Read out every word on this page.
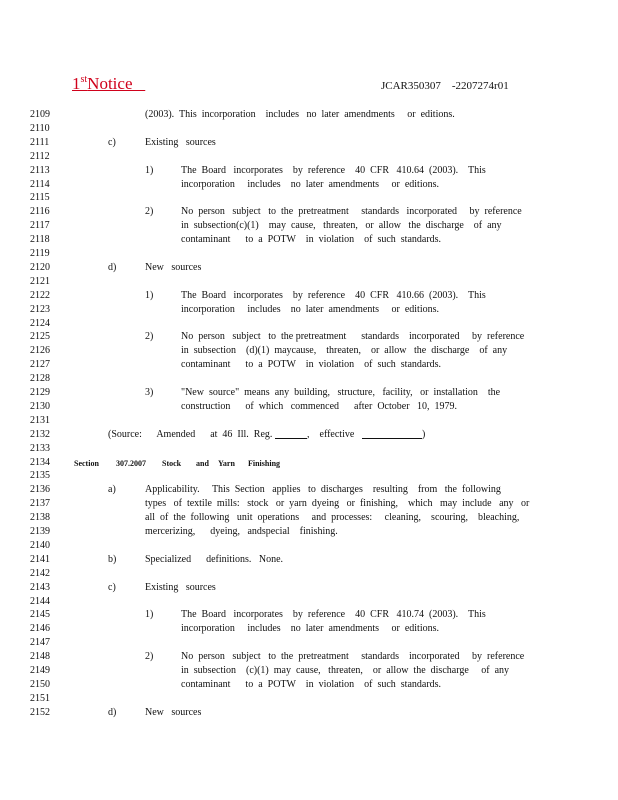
1stNotice	JCAR350307    -2207274r01
2109	(2003).  This  incorporation    includes   no  later  amendments     or  editions.
2110
2111	c)	Existing   sources
2112
2113	1)	The  Board   incorporates    by  reference    40  CFR   410.64  (2003).    This
2114	incorporation     includes    no  later  amendments     or  editions.
2115
2116	2)	No  person   subject   to  the  pretreatment     standards   incorporated     by  reference
2117	in  subsection(c)(1)    may  cause,   threaten,   or  allow   the  discharge    of  any
2118	contaminant      to  a  POTW    in  violation    of  such  standards.
2119
2120	d)	New   sources
2121
2122	1)	The  Board   incorporates    by  reference    40  CFR   410.66  (2003).    This
2123	incorporation     includes    no  later  amendments     or  editions.
2124
2125	2)	No  person   subject   to  the pretreatment      standards    incorporated     by  reference
2126	in  subsection    (d)(1)  maycause,    threaten,    or  allow   the  discharge    of  any
2127	contaminant      to  a  POTW    in  violation    of  such  standards.
2128
2129	3)	"New  source"  means  any  building,   structure,   facility,   or  installation    the
2130	construction      of  which   commenced      after  October   10,  1979.
2131
2132	(Source:      Amended      at  46  Ill.  Reg.	,    effective	)
2133
2134	Section 307.2007 Stock and Yarn Finishing
2135
2136	a)	Applicability.     This  Section   applies   to  discharges    resulting    from   the  following
2137	types   of  textile  mills:   stock   or  yarn  dyeing   or  finishing,    which   may  include   any   or
2138	all  of  the  following   unit  operations     and  processes:     cleaning,    scouring,    bleaching,
2139	mercerizing,      dyeing,   andspecial    finishing.
2140
2141	b)	Specialized      definitions.   None.
2142
2143	c)	Existing   sources
2144
2145	1)	The  Board   incorporates    by  reference    40  CFR   410.74  (2003).    This
2146	incorporation     includes    no  later  amendments     or  editions.
2147
2148	2)	No  person   subject   to  the  pretreatment     standards    incorporated     by  reference
2149	in  subsection    (c)(1)  may  cause,   threaten,    or  allow  the  discharge     of  any
2150	contaminant      to  a  POTW    in  violation    of  such  standards.
2151
2152	d)	New   sources
